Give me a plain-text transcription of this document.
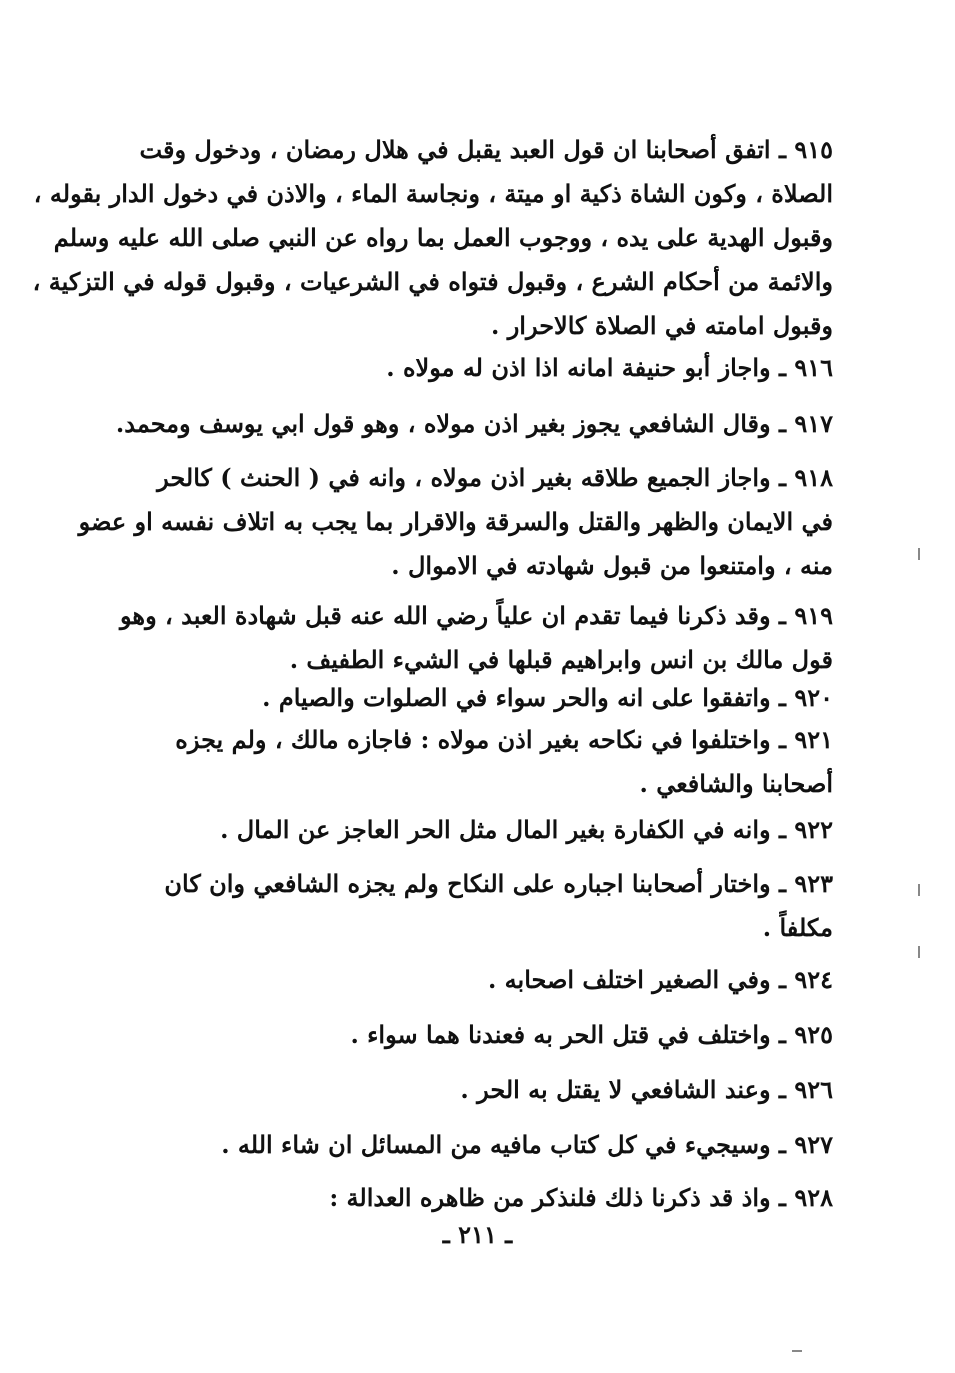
٩١٥ ـ اتفق أصحابنا ان قول العبد يقبل في هلال رمضان ، ودخول وقت
الصلاة ، وكون الشاة ذكية او ميتة ، ونجاسة الماء ، والاذن في دخول الدار بقوله ،
وقبول الهدية على يده ، ووجوب العمل بما رواه عن النبي صلى الله عليه وسلم
والائمة من أحكام الشرع ، وقبول فتواه في الشرعيات ، وقبول قوله في التزكية ،
وقبول امامته في الصلاة كالاحرار .
٩١٦ ـ واجاز أبو حنيفة امانه اذا اذن له مولاه .
٩١٧ ـ وقال الشافعي يجوز بغير اذن مولاه ، وهو قول ابي يوسف ومحمد.
٩١٨ ـ واجاز الجميع طلاقه بغير اذن مولاه ، وانه في ( الحنث ) كالحر
في الايمان والظهر والقتل والسرقة والاقرار بما يجب به اتلاف نفسه او عضو
منه ، وامتنعوا من قبول شهادته في الاموال .
٩١٩ ـ وقد ذكرنا فيما تقدم ان علياً رضي الله عنه قبل شهادة العبد ، وهو
قول مالك بن انس وابراهيم قبلها في الشيء الطفيف .
٩٢٠ ـ واتفقوا على انه والحر سواء في الصلوات والصيام .
٩٢١ ـ واختلفوا في نكاحه بغير اذن مولاه : فاجازه مالك ، ولم يجزه
أصحابنا والشافعي .
٩٢٢ ـ وانه في الكفارة بغير المال مثل الحر العاجز عن المال .
٩٢٣ ـ واختار أصحابنا اجباره على النكاح ولم يجزه الشافعي وان كان
مكلفاً .
٩٢٤ ـ وفي الصغير اختلف اصحابه .
٩٢٥ ـ واختلف في قتل الحر به فعندنا هما سواء .
٩٢٦ ـ وعند الشافعي لا يقتل به الحر .
٩٢٧ ـ وسيجيء في كل كتاب مافيه من المسائل ان شاء الله .
٩٢٨ ـ واذ قد ذكرنا ذلك فلنذكر من ظاهره العدالة :
ـ ٢١١ ـ
